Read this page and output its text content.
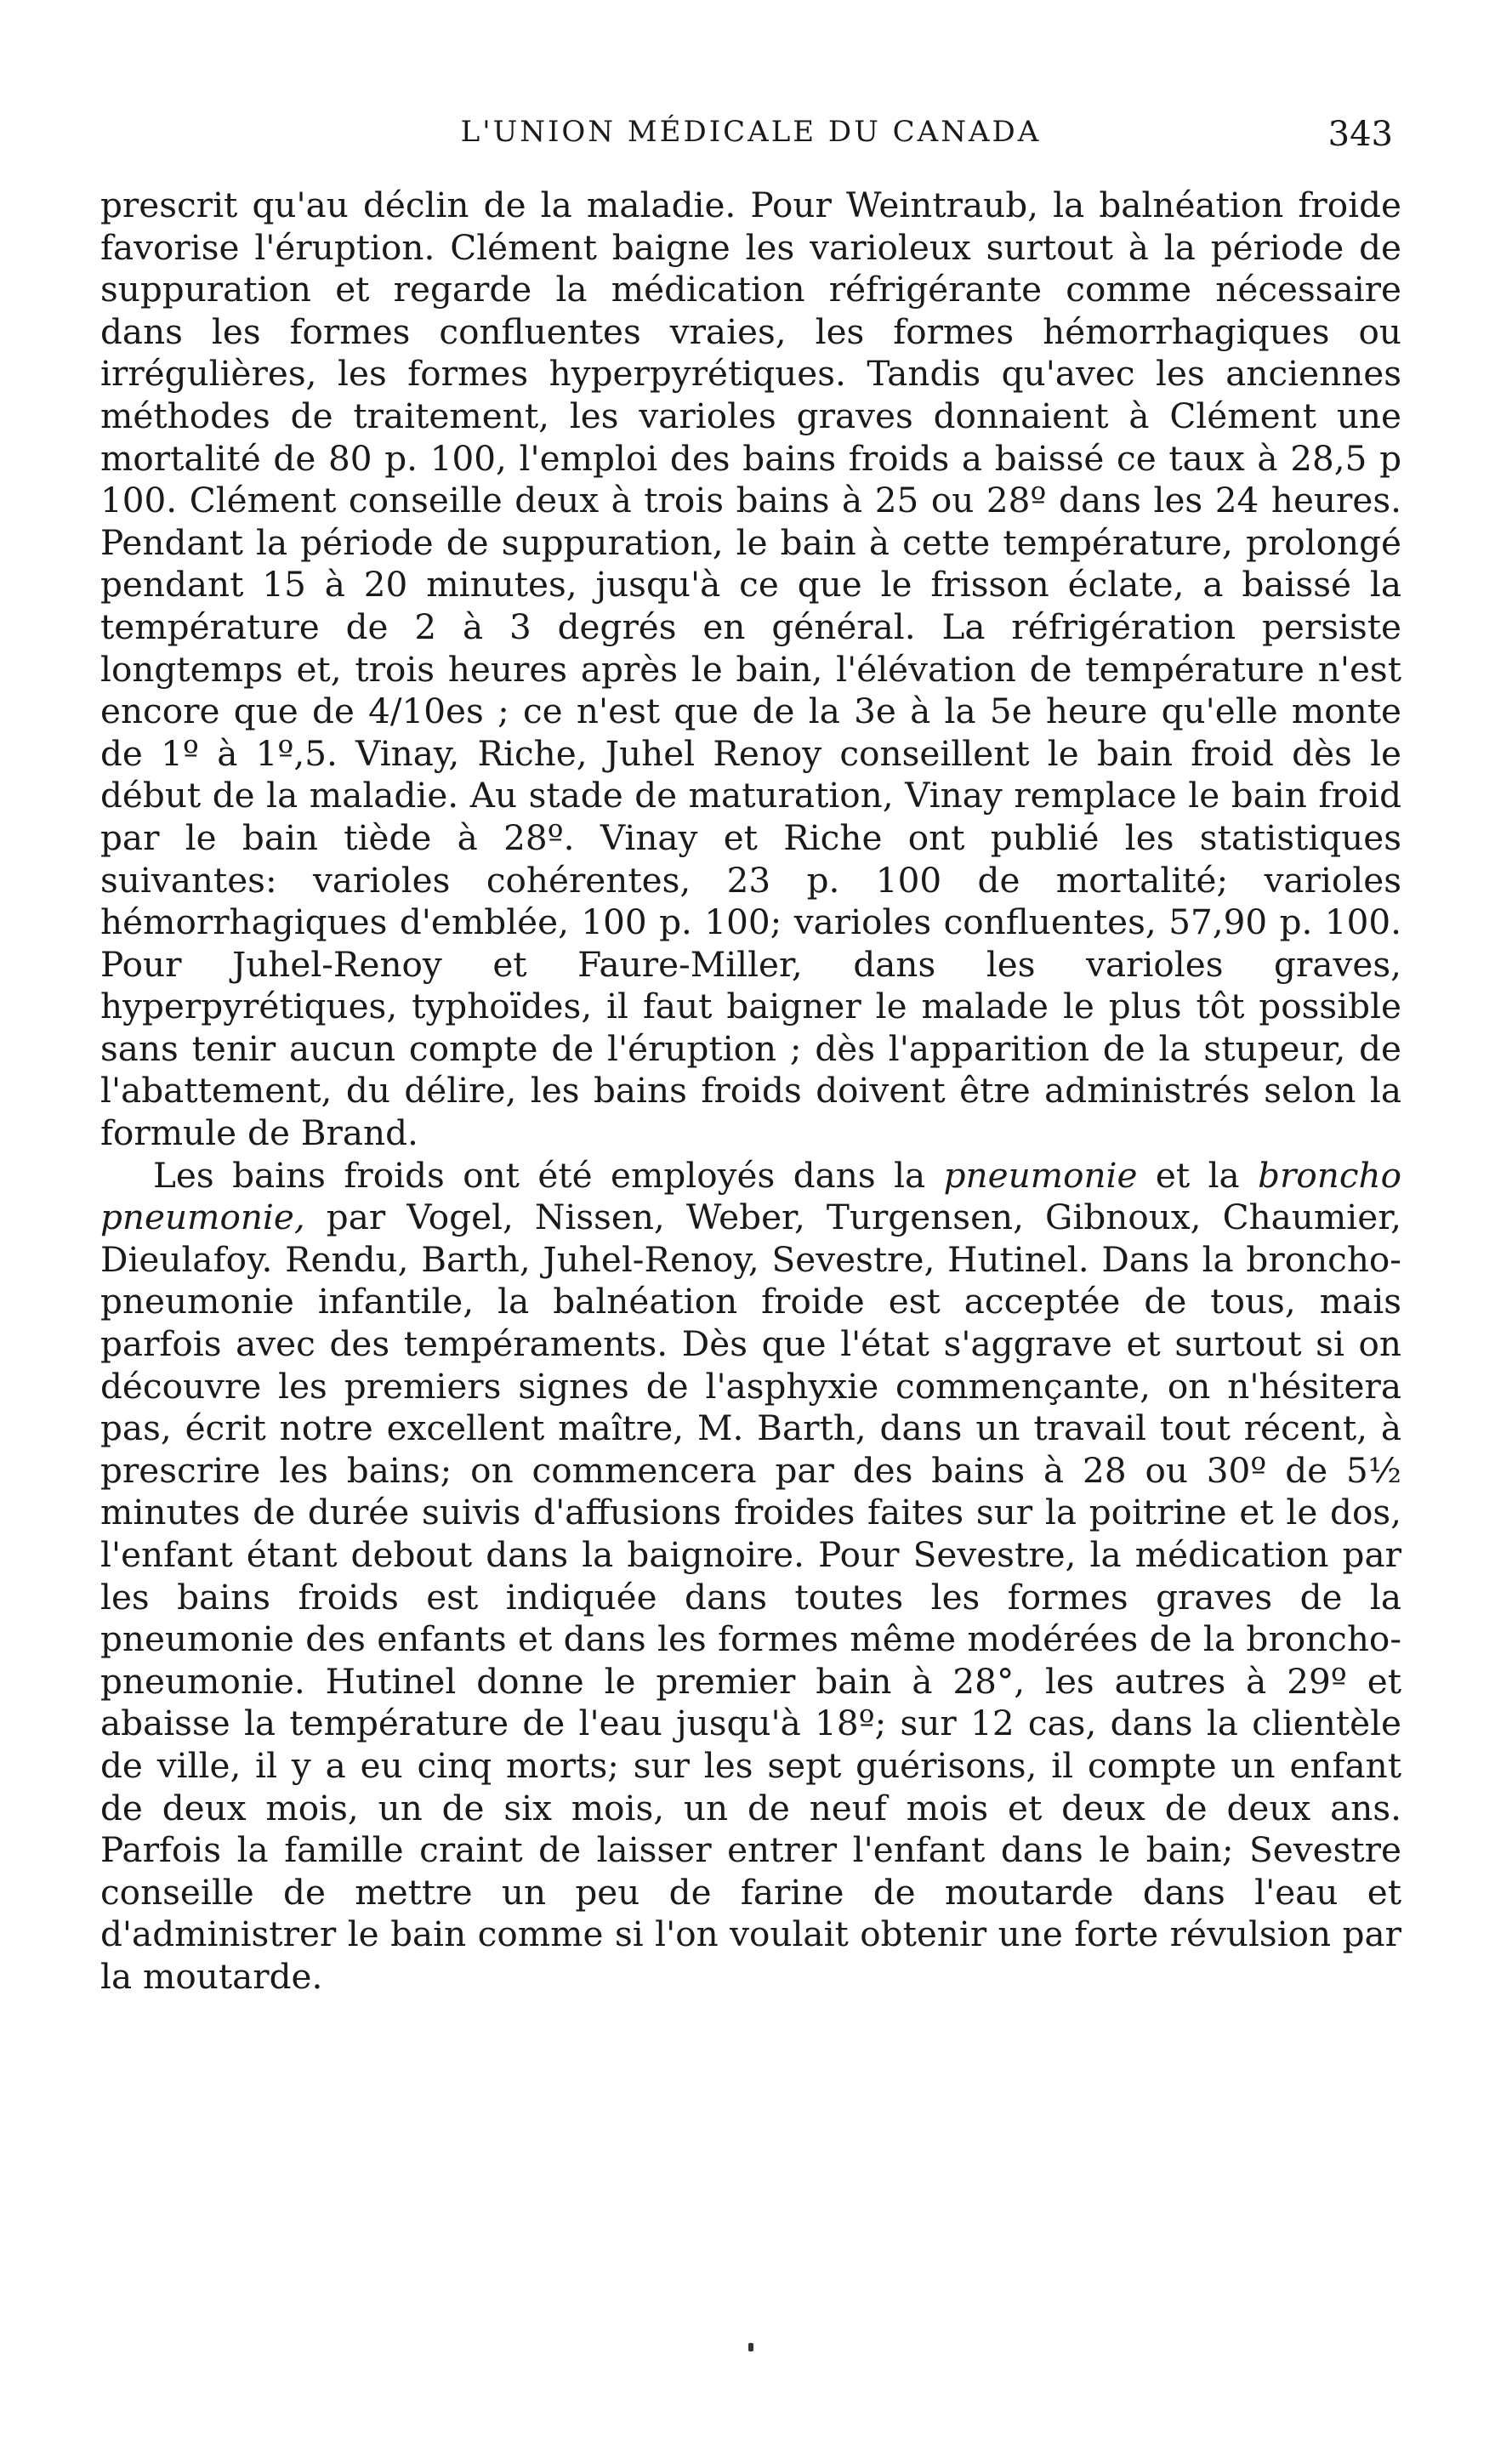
L'UNION MÉDICALE DU CANADA	343

prescrit qu'au déclin de la maladie. Pour Weintraub, la balnéation froide favorise l'éruption. Clément baigne les varioleux surtout à la période de suppuration et regarde la médication réfrigérante comme nécessaire dans les formes confluentes vraies, les formes hémorrhagiques ou irrégulières, les formes hyperpyrétiques. Tandis qu'avec les anciennes méthodes de traitement, les varioles graves donnaient à Clément une mortalité de 80 p. 100, l'emploi des bains froids a baissé ce taux à 28,5 p 100. Clément conseille deux à trois bains à 25 ou 28º dans les 24 heures. Pendant la période de suppuration, le bain à cette température, prolongé pendant 15 à 20 minutes, jusqu'à ce que le frisson éclate, a baissé la température de 2 à 3 degrés en général. La réfrigération persiste longtemps et, trois heures après le bain, l'élévation de température n'est encore que de 4/10es ; ce n'est que de la 3e à la 5e heure qu'elle monte de 1º à 1º,5. Vinay, Riche, Juhel Renoy conseillent le bain froid dès le début de la maladie. Au stade de maturation, Vinay remplace le bain froid par le bain tiède à 28º. Vinay et Riche ont publié les statistiques suivantes: varioles cohérentes, 23 p. 100 de mortalité; varioles hémorrhagiques d'emblée, 100 p. 100; varioles confluentes, 57,90 p. 100. Pour Juhel-Renoy et Faure-Miller, dans les varioles graves, hyperpyrétiques, typhoïdes, il faut baigner le malade le plus tôt possible sans tenir aucun compte de l'éruption ; dès l'apparition de la stupeur, de l'abattement, du délire, les bains froids doivent être administrés selon la formule de Brand.

Les bains froids ont été employés dans la pneumonie et la broncho pneumonie, par Vogel, Nissen, Weber, Turgensen, Gibnoux, Chaumier, Dieulafoy. Rendu, Barth, Juhel-Renoy, Sevestre, Hutinel. Dans la broncho-pneumonie infantile, la balnéation froide est acceptée de tous, mais parfois avec des tempéraments. Dès que l'état s'aggrave et surtout si on découvre les premiers signes de l'asphyxie commençante, on n'hésitera pas, écrit notre excellent maître, M. Barth, dans un travail tout récent, à prescrire les bains; on commencera par des bains à 28 ou 30º de 5½ minutes de durée suivis d'affusions froides faites sur la poitrine et le dos, l'enfant étant debout dans la baignoire. Pour Sevestre, la médication par les bains froids est indiquée dans toutes les formes graves de la pneumonie des enfants et dans les formes même modérées de la broncho-pneumonie. Hutinel donne le premier bain à 28°, les autres à 29º et abaisse la température de l'eau jusqu'à 18º; sur 12 cas, dans la clientèle de ville, il y a eu cinq morts; sur les sept guérisons, il compte un enfant de deux mois, un de six mois, un de neuf mois et deux de deux ans. Parfois la famille craint de laisser entrer l'enfant dans le bain; Sevestre conseille de mettre un peu de farine de moutarde dans l'eau et d'administrer le bain comme si l'on voulait obtenir une forte révulsion par la moutarde.
